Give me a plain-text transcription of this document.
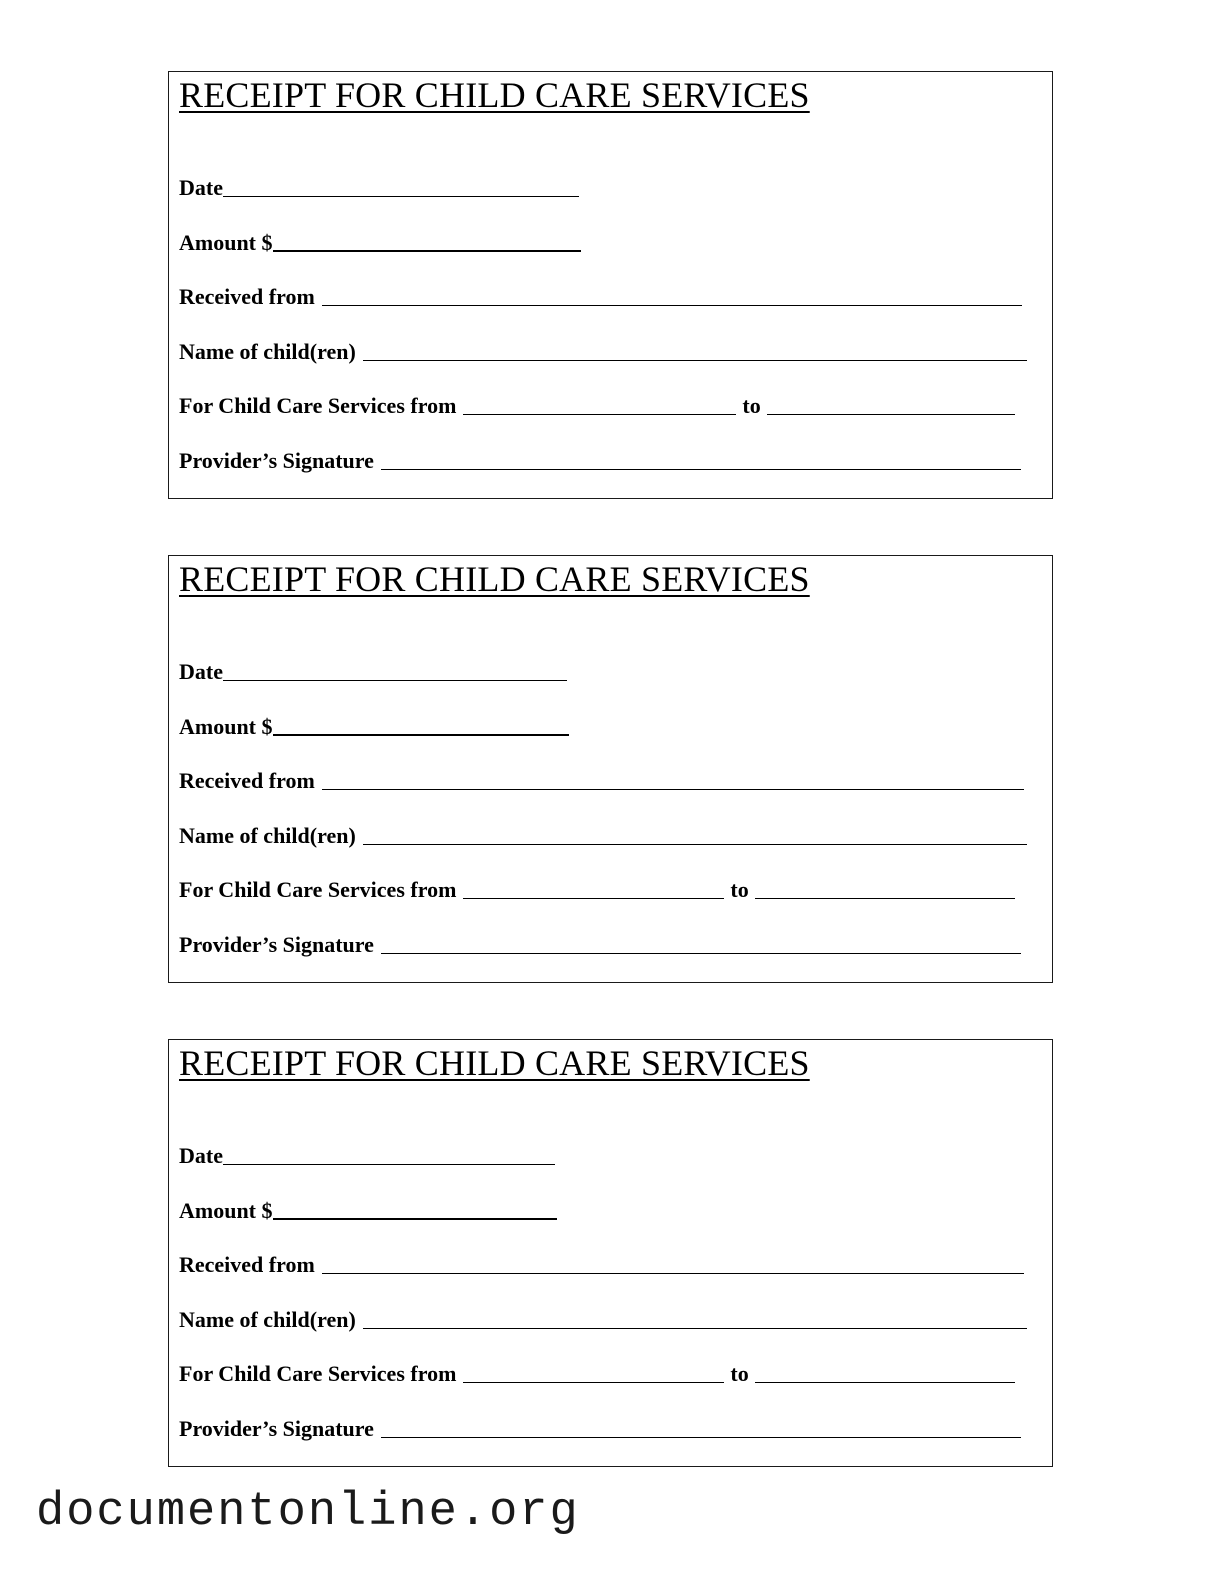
RECEIPT FOR CHILD CARE SERVICES
Date
Amount $
Received from
Name of child(ren)
For Child Care Services from	to
Provider’s Signature
RECEIPT FOR CHILD CARE SERVICES
Date
Amount $
Received from
Name of child(ren)
For Child Care Services from	to
Provider’s Signature
RECEIPT FOR CHILD CARE SERVICES
Date
Amount $
Received from
Name of child(ren)
For Child Care Services from	to
Provider’s Signature
documentonline.org
